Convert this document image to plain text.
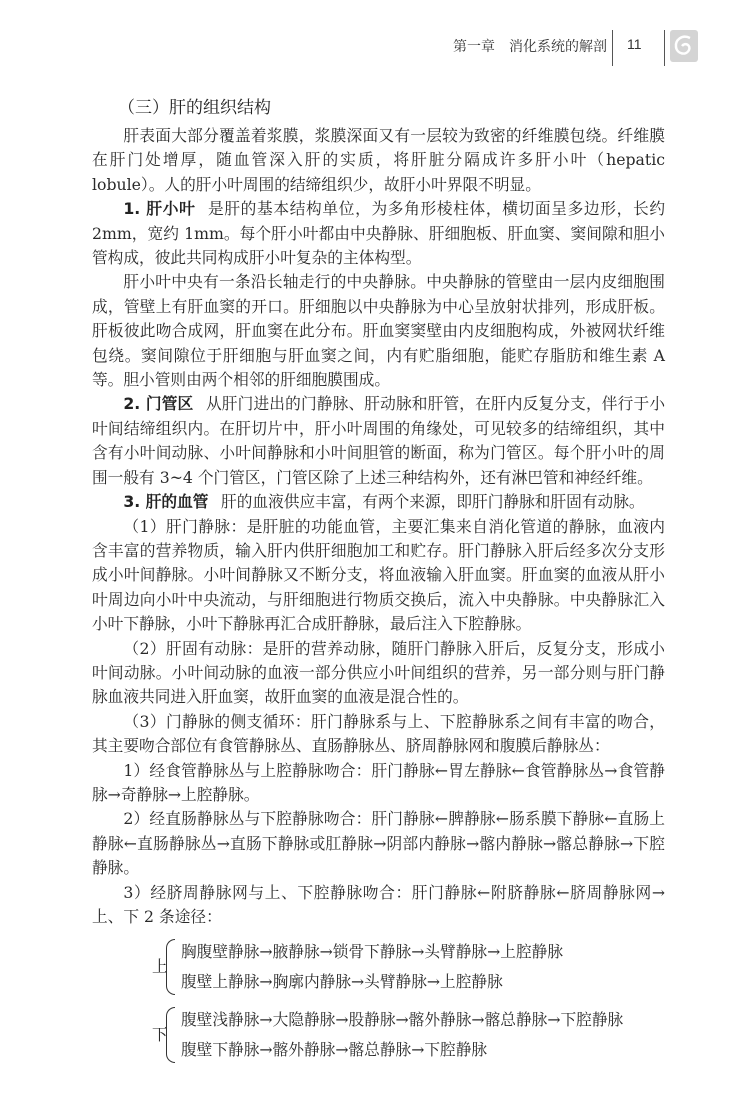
第一章　消化系统的解剖 11
（三）肝的组织结构

肝表面大部分覆盖着浆膜，浆膜深面又有一层较为致密的纤维膜包绕。纤维膜在肝门处增厚，随血管深入肝的实质，将肝脏分隔成许多肝小叶（hepatic lobule）。人的肝小叶周围的结缔组织少，故肝小叶界限不明显。

1. 肝小叶 是肝的基本结构单位，为多角形棱柱体，横切面呈多边形，长约 2mm，宽约 1mm。每个肝小叶都由中央静脉、肝细胞板、肝血窦、窦间隙和胆小管构成，彼此共同构成肝小叶复杂的主体构型。

肝小叶中央有一条沿长轴走行的中央静脉。中央静脉的管壁由一层内皮细胞围成，管壁上有肝血窦的开口。肝细胞以中央静脉为中心呈放射状排列，形成肝板。肝板彼此吻合成网，肝血窦在此分布。肝血窦窦壁由内皮细胞构成，外被网状纤维包绕。窦间隙位于肝细胞与肝血窦之间，内有贮脂细胞，能贮存脂肪和维生素 A 等。胆小管则由两个相邻的肝细胞膜围成。

2. 门管区 从肝门进出的门静脉、肝动脉和肝管，在肝内反复分支，伴行于小叶间结缔组织内。在肝切片中，肝小叶周围的角缘处，可见较多的结缔组织，其中含有小叶间动脉、小叶间静脉和小叶间胆管的断面，称为门管区。每个肝小叶的周围一般有 3~4 个门管区，门管区除了上述三种结构外，还有淋巴管和神经纤维。

3. 肝的血管 肝的血液供应丰富，有两个来源，即肝门静脉和肝固有动脉。

（1）肝门静脉：是肝脏的功能血管，主要汇集来自消化管道的静脉，血液内含丰富的营养物质，输入肝内供肝细胞加工和贮存。肝门静脉入肝后经多次分支形成小叶间静脉。小叶间静脉又不断分支，将血液输入肝血窦。肝血窦的血液从肝小叶周边向小叶中央流动，与肝细胞进行物质交换后，流入中央静脉。中央静脉汇入小叶下静脉，小叶下静脉再汇合成肝静脉，最后注入下腔静脉。

（2）肝固有动脉：是肝的营养动脉，随肝门静脉入肝后，反复分支，形成小叶间动脉。小叶间动脉的血液一部分供应小叶间组织的营养，另一部分则与肝门静脉血液共同进入肝血窦，故肝血窦的血液是混合性的。

（3）门静脉的侧支循环：肝门静脉系与上、下腔静脉系之间有丰富的吻合，其主要吻合部位有食管静脉丛、直肠静脉丛、脐周静脉网和腹膜后静脉丛：

1）经食管静脉丛与上腔静脉吻合：肝门静脉←胃左静脉←食管静脉丛→食管静脉→奇静脉→上腔静脉。

2）经直肠静脉丛与下腔静脉吻合：肝门静脉←脾静脉←肠系膜下静脉←直肠上静脉←直肠静脉丛→直肠下静脉或肛静脉→阴部内静脉→髂内静脉→髂总静脉→下腔静脉。

3）经脐周静脉网与上、下腔静脉吻合：肝门静脉←附脐静脉←脐周静脉网→上、下 2 条途径：

上
胸腹壁静脉→腋静脉→锁骨下静脉→头臂静脉→上腔静脉
腹壁上静脉→胸廓内静脉→头臂静脉→上腔静脉
下
腹壁浅静脉→大隐静脉→股静脉→髂外静脉→髂总静脉→下腔静脉
腹壁下静脉→髂外静脉→髂总静脉→下腔静脉
